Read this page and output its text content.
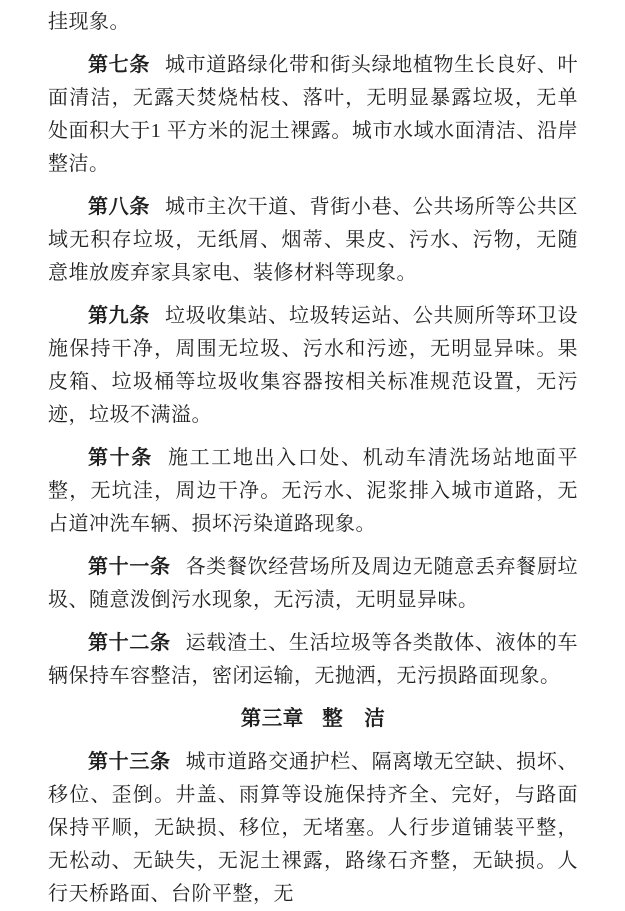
挂现象。

第七条 城市道路绿化带和街头绿地植物生长良好、叶面清洁，无露天焚烧枯枝、落叶，无明显暴露垃圾，无单处面积大于1 平方米的泥土裸露。城市水域水面清洁、沿岸整洁。

第八条 城市主次干道、背街小巷、公共场所等公共区域无积存垃圾，无纸屑、烟蒂、果皮、污水、污物，无随意堆放废弃家具家电、装修材料等现象。

第九条 垃圾收集站、垃圾转运站、公共厕所等环卫设施保持干净，周围无垃圾、污水和污迹，无明显异味。果皮箱、垃圾桶等垃圾收集容器按相关标准规范设置，无污迹，垃圾不满溢。

第十条 施工工地出入口处、机动车清洗场站地面平整，无坑洼，周边干净。无污水、泥浆排入城市道路，无占道冲洗车辆、损坏污染道路现象。

第十一条 各类餐饮经营场所及周边无随意丢弃餐厨垃圾、随意泼倒污水现象，无污渍，无明显异味。

第十二条 运载渣土、生活垃圾等各类散体、液体的车辆保持车容整洁，密闭运输，无抛洒，无污损路面现象。

第三章 整　洁

第十三条 城市道路交通护栏、隔离墩无空缺、损坏、移位、歪倒。井盖、雨算等设施保持齐全、完好，与路面保持平顺，无缺损、移位，无堵塞。人行步道铺装平整，无松动、无缺失，无泥土裸露，路缘石齐整，无缺损。人行天桥路面、台阶平整，无
